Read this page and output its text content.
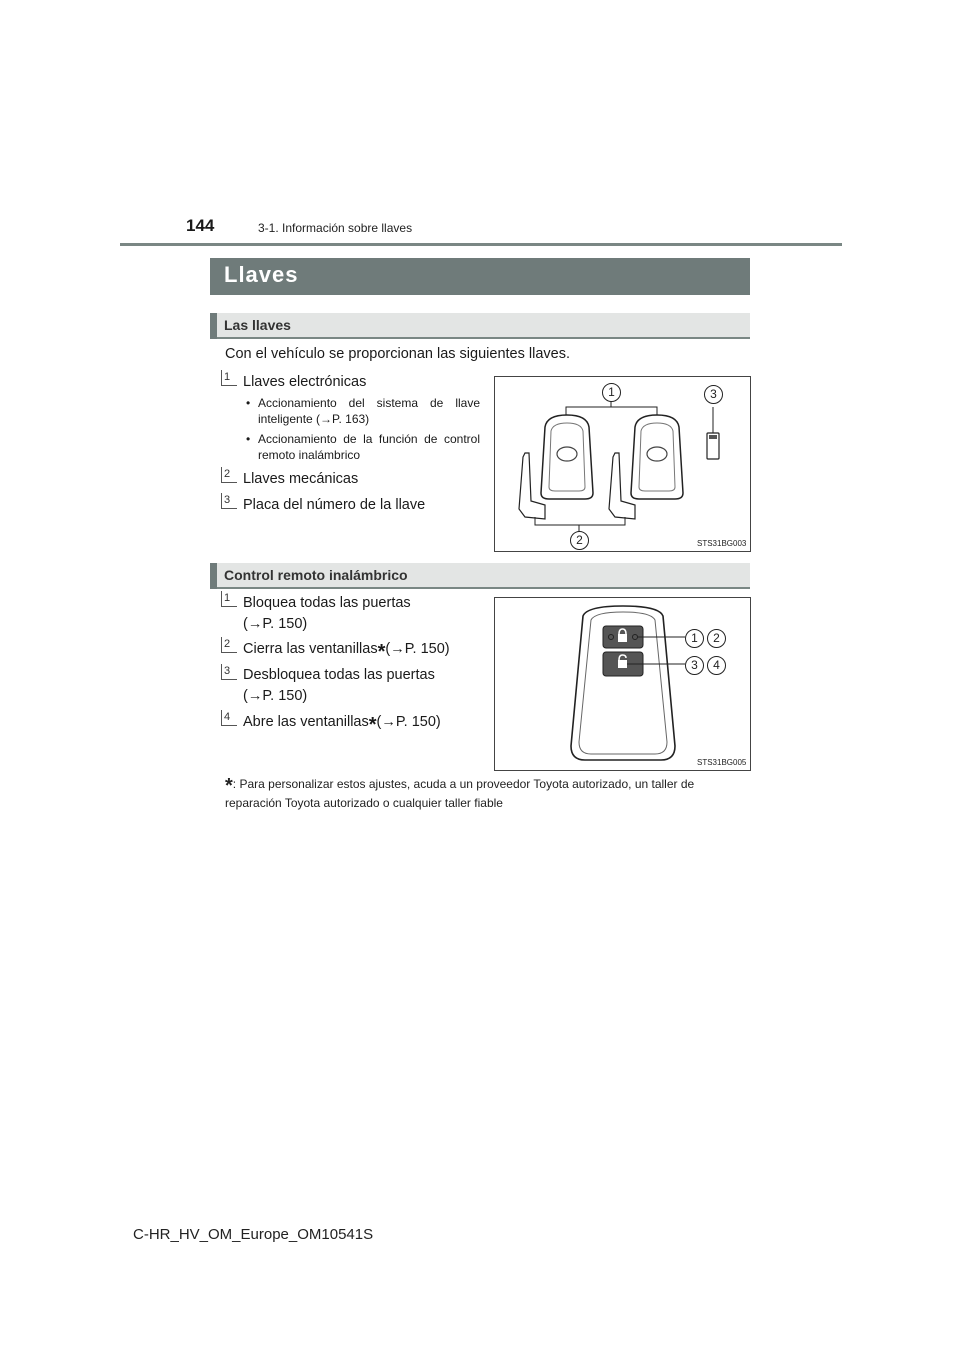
144	3-1. Información sobre llaves
Llaves
Las llaves
Con el vehículo se proporcionan las siguientes llaves.
1 Llaves electrónicas
• Accionamiento del sistema de llave inteligente (→P. 163)
• Accionamiento de la función de control remoto inalámbrico
2 Llaves mecánicas
3 Placa del número de la llave
1
2
3
STS31BG003
Control remoto inalámbrico
1 Bloquea todas las puertas
(→P. 150)
2 Cierra las ventanillas*(→P. 150)
3 Desbloquea todas las puertas
(→P. 150)
4 Abre las ventanillas*(→P. 150)
1	2
3	4
STS31BG005
*: Para personalizar estos ajustes, acuda a un proveedor Toyota autorizado, un taller de reparación Toyota autorizado o cualquier taller fiable
C-HR_HV_OM_Europe_OM10541S
